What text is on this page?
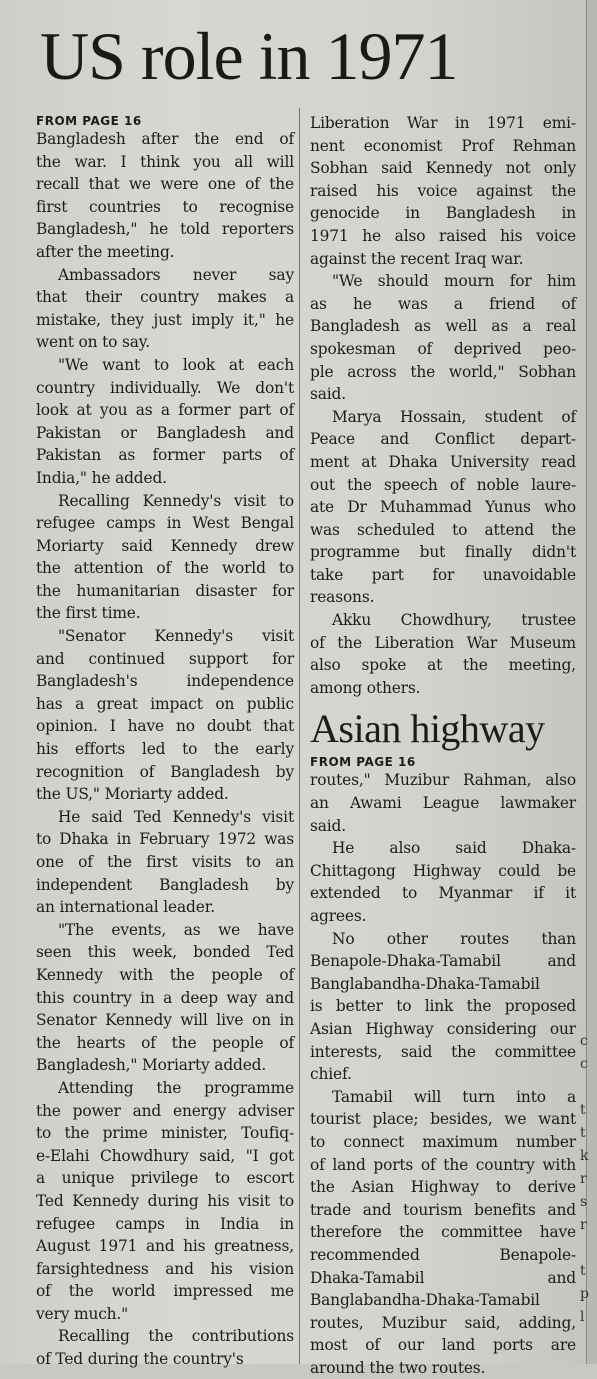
US role in 1971
FROM PAGE 16
Bangladesh after the end of
the war. I think you all will
recall that we were one of the
first countries to recognise
Bangladesh," he told reporters
after the meeting.
Ambassadors never say
that their country makes a
mistake, they just imply it," he
went on to say.
"We want to look at each
country individually. We don't
look at you as a former part of
Pakistan or Bangladesh and
Pakistan as former parts of
India," he added.
Recalling Kennedy's visit to
refugee camps in West Bengal
Moriarty said Kennedy drew
the attention of the world to
the humanitarian disaster for
the first time.
"Senator Kennedy's visit
and continued support for
Bangladesh's independence
has a great impact on public
opinion. I have no doubt that
his efforts led to the early
recognition of Bangladesh by
the US," Moriarty added.
He said Ted Kennedy's visit
to Dhaka in February 1972 was
one of the first visits to an
independent Bangladesh by
an international leader.
"The events, as we have
seen this week, bonded Ted
Kennedy with the people of
this country in a deep way and
Senator Kennedy will live on in
the hearts of the people of
Bangladesh," Moriarty added.
Attending the programme
the power and energy adviser
to the prime minister, Toufiq-
e-Elahi Chowdhury said, "I got
a unique privilege to escort
Ted Kennedy during his visit to
refugee camps in India in
August 1971 and his greatness,
farsightedness and his vision
of the world impressed me
very much."
Recalling the contributions
of Ted during the country's
Liberation War in 1971 emi-
nent economist Prof Rehman
Sobhan said Kennedy not only
raised his voice against the
genocide in Bangladesh in
1971 he also raised his voice
against the recent Iraq war.
"We should mourn for him
as he was a friend of
Bangladesh as well as a real
spokesman of deprived peo-
ple across the world," Sobhan
said.
Marya Hossain, student of
Peace and Conflict depart-
ment at Dhaka University read
out the speech of noble laure-
ate Dr Muhammad Yunus who
was scheduled to attend the
programme but finally didn't
take part for unavoidable
reasons.
Akku Chowdhury, trustee
of the Liberation War Museum
also spoke at the meeting,
among others.
Asian highway
FROM PAGE 16
routes," Muzibur Rahman, also
an Awami League lawmaker
said.
He also said Dhaka-
Chittagong Highway could be
extended to Myanmar if it
agrees.
No other routes than
Benapole-Dhaka-Tamabil and
Banglabandha-Dhaka-Tamabil
is better to link the proposed
Asian Highway considering our
interests, said the committee
chief.
Tamabil will turn into a
tourist place; besides, we want
to connect maximum number
of land ports of the country with
the Asian Highway to derive
trade and tourism benefits and
therefore the committee have
recommended Benapole-
Dhaka-Tamabil and
Banglabandha-Dhaka-Tamabil
routes, Muzibur said, adding,
most of our land ports are
around the two routes.
c
c
t
t
k
r
s
r
t
p
l
